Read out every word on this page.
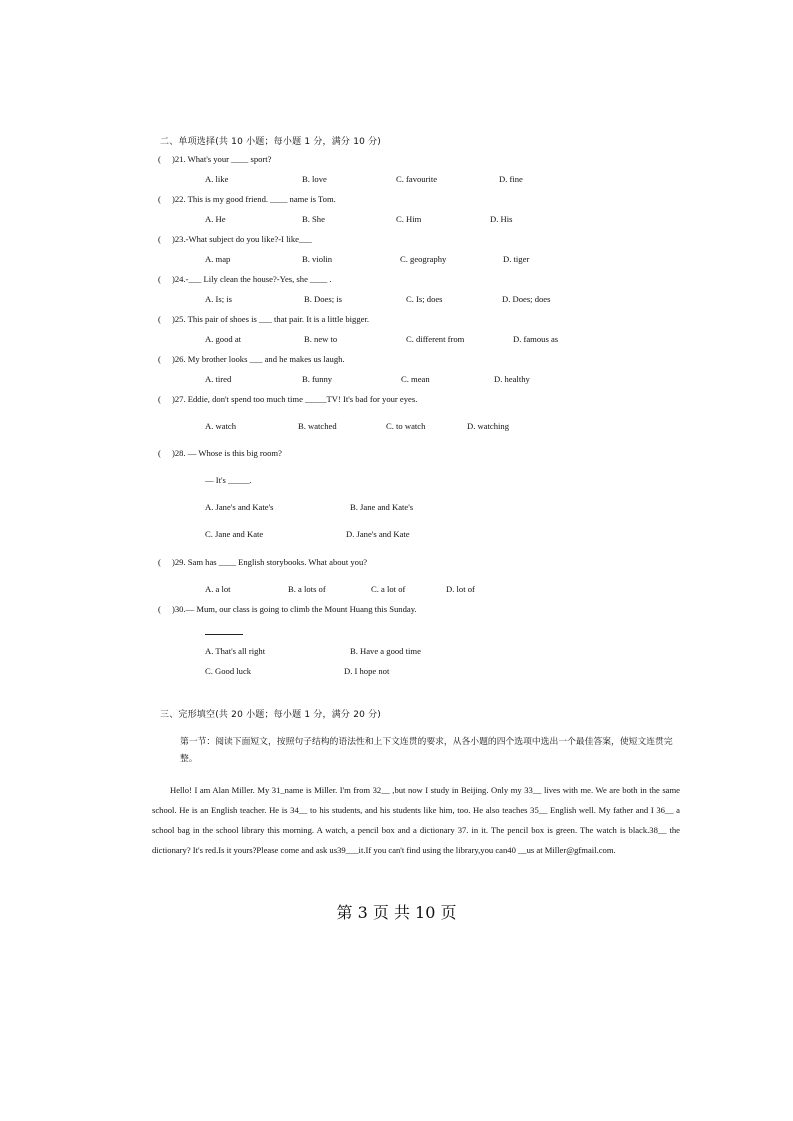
二、单项选择(共 10 小题；每小题 1 分，满分 10 分)
( )21. What's your ____ sport?
A. like	B. love	C. favourite	D. fine
( )22. This is my good friend. ____ name is Tom.
A. He	B. She	C. Him	D. His
( )23.-What subject do you like?-I like___
A. map	B. violin	C. geography	D. tiger
( )24.-___ Lily clean the house?-Yes, she ____ .
A. Is; is	B. Does; is	C. Is; does	D. Does; does
( )25. This pair of shoes is ___ that pair. It is a little bigger.
A. good at	B. new to	C. different from	D. famous as
( )26. My brother looks ___ and he makes us laugh.
A. tired	B. funny	C. mean	D. healthy
( )27. Eddie, don't spend too much time _____TV! It's bad for your eyes.
A. watch	B. watched	C. to watch	D. watching
( )28. — Whose is this big room?
— It's _____.
A. Jane's and Kate's	B. Jane and Kate's
C. Jane and Kate	D. Jane's and Kate
( )29. Sam has ____ English storybooks. What about you?
A. a lot	B. a lots of	C. a lot of	D. lot of
( )30.— Mum, our class is going to climb the Mount Huang this Sunday.
A. That's all right	B. Have a good time
C. Good luck	D. I hope not
三、完形填空(共 20 小题；每小题 1 分，满分 20 分)
第一节：阅读下面短文，按照句子结构的语法性和上下文连贯的要求，从各小题的四个选项中选出一个最佳答案，使短文连贯完整。
Hello! I am Alan Miller. My 31_name is Miller. I'm from 32__ ,but now I study in Beijing. Only my 33__ lives with me. We are both in the same school. He is an English teacher. He is 34__ to his students, and his students like him, too. He also teaches 35__ English well. My father and I 36__ a school bag in the school library this morning. A watch, a pencil box and a dictionary 37. in it. The pencil box is green. The watch is black.38__ the dictionary? It's red.Is it yours?Please come and ask us39___it.If you can't find using the library,you can40 __us at Miller@gfmail.com.
第 3 页 共 10 页
